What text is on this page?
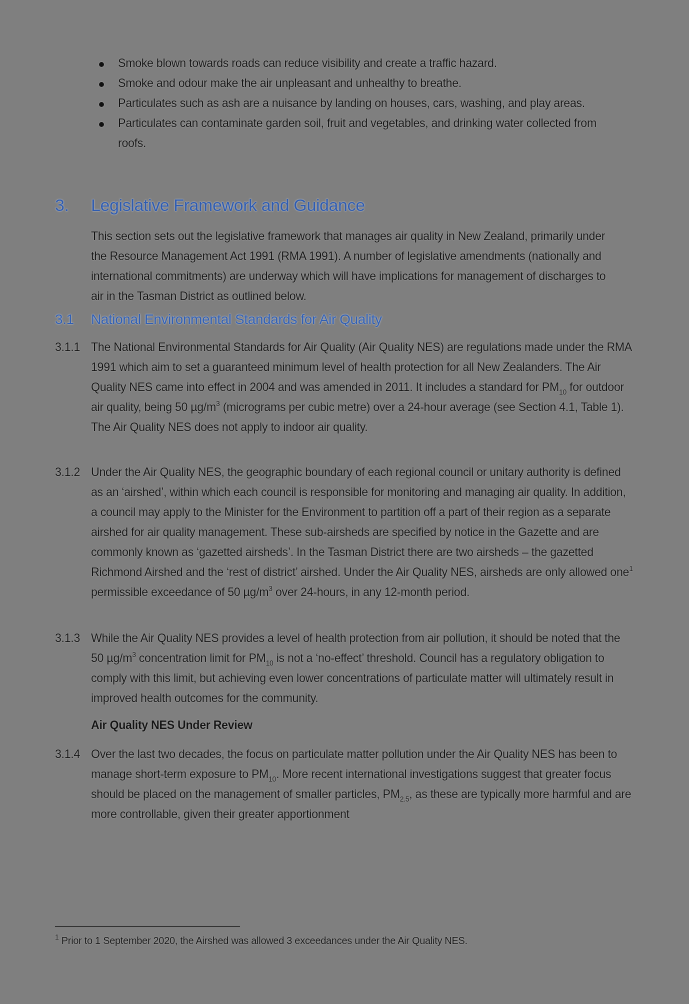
Smoke blown towards roads can reduce visibility and create a traffic hazard.
Smoke and odour make the air unpleasant and unhealthy to breathe.
Particulates such as ash are a nuisance by landing on houses, cars, washing, and play areas.
Particulates can contaminate garden soil, fruit and vegetables, and drinking water collected from roofs.
3. Legislative Framework and Guidance
This section sets out the legislative framework that manages air quality in New Zealand, primarily under the Resource Management Act 1991 (RMA 1991). A number of legislative amendments (nationally and international commitments) are underway which will have implications for management of discharges to air in the Tasman District as outlined below.
3.1 National Environmental Standards for Air Quality
3.1.1 The National Environmental Standards for Air Quality (Air Quality NES) are regulations made under the RMA 1991 which aim to set a guaranteed minimum level of health protection for all New Zealanders. The Air Quality NES came into effect in 2004 and was amended in 2011. It includes a standard for $PM_{10}$ for outdoor air quality, being 50 $\mu g/m^3$ (micrograms per cubic metre) over a 24-hour average (see Section 4.1, Table 1). The Air Quality NES does not apply to indoor air quality.
3.1.2 Under the Air Quality NES, the geographic boundary of each regional council or unitary authority is defined as an ‘airshed’, within which each council is responsible for monitoring and managing air quality. In addition, a council may apply to the Minister for the Environment to partition off a part of their region as a separate airshed for air quality management. These sub-airsheds are specified by notice in the Gazette and are commonly known as ‘gazetted airsheds’. In the Tasman District there are two airsheds – the gazetted Richmond Airshed and the ‘rest of district’ airshed. Under the Air Quality NES, airsheds are only allowed one$^1$ permissible exceedance of 50 $\mu g/m^3$ over 24-hours, in any 12-month period.
3.1.3 While the Air Quality NES provides a level of health protection from air pollution, it should be noted that the 50 $\mu g/m^3$ concentration limit for $PM_{10}$ is not a ‘no-effect’ threshold. Council has a regulatory obligation to comply with this limit, but achieving even lower concentrations of particulate matter will ultimately result in improved health outcomes for the community.
Air Quality NES Under Review
3.1.4 Over the last two decades, the focus on particulate matter pollution under the Air Quality NES has been to manage short-term exposure to $PM_{10}$. More recent international investigations suggest that greater focus should be placed on the management of smaller particles, $PM_{2.5}$, as these are typically more harmful and are more controllable, given their greater apportionment
$^1$ Prior to 1 September 2020, the Airshed was allowed 3 exceedances under the Air Quality NES.
